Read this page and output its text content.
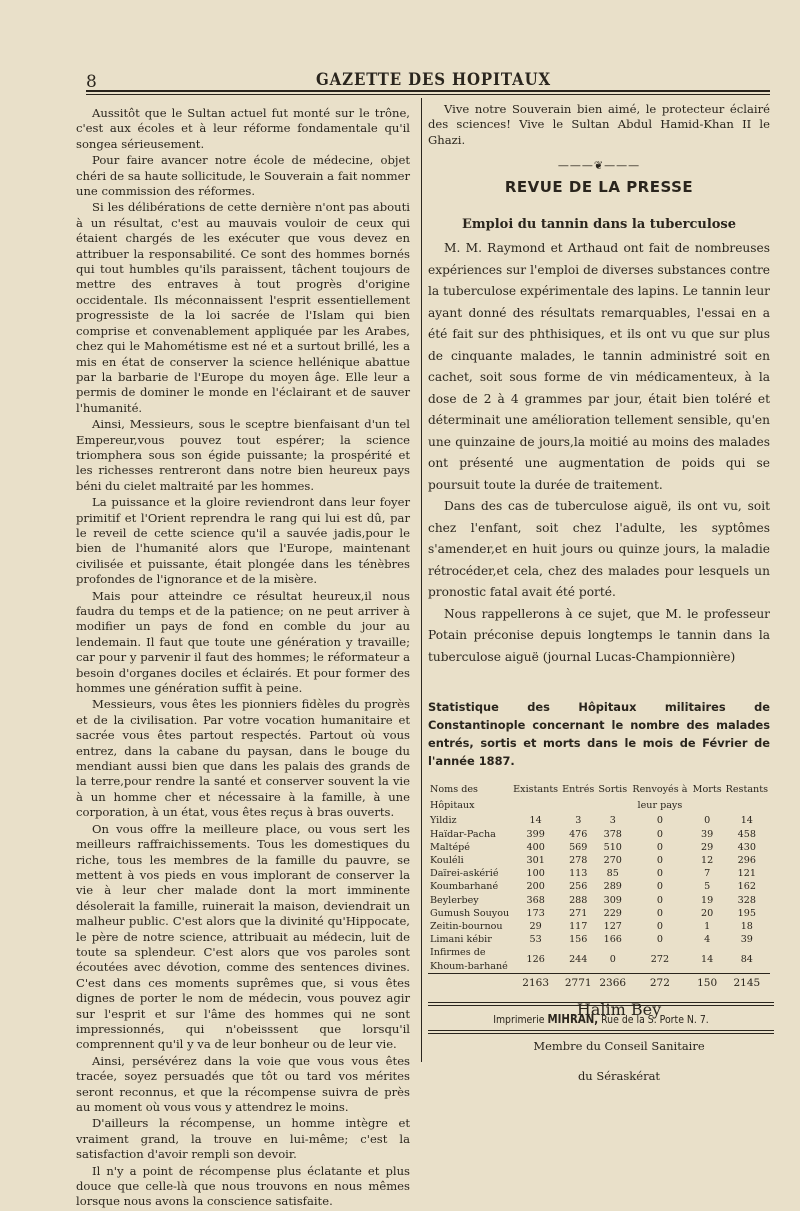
8	GAZETTE DES HOPITAUX

Aussitôt que le Sultan actuel fut monté sur le trône, c'est aux écoles et à leur réforme fondamentale qu'il songea sérieusement.

Pour faire avancer notre école de médecine, objet chéri de sa haute sollicitude, le Souverain a fait nommer une commission des réformes.

Si les délibérations de cette dernière n'ont pas abouti à un résultat, c'est au mauvais vouloir de ceux qui étaient chargés de les exécuter que vous devez en attribuer la responsabilité. Ce sont des hommes bornés qui tout humbles qu'ils paraissent, tâchent toujours de mettre des entraves à tout progrès d'origine occidentale. Ils méconnaissent l'esprit essentiellement progressiste de la loi sacrée de l'Islam qui bien comprise et convenablement appliquée par les Arabes, chez qui le Mahométisme est né et a surtout brillé, les a mis en état de conserver la science hellénique abattue par la barbarie de l'Europe du moyen âge. Elle leur a permis de dominer le monde en l'éclairant et de sauver l'humanité.

Ainsi, Messieurs, sous le sceptre bienfaisant d'un tel Empereur,vous pouvez tout espérer; la science triomphera sous son égide puissante; la prospérité et les richesses rentreront dans notre bien heureux pays béni du cielet maltraité par les hommes.

La puissance et la gloire reviendront dans leur foyer primitif et l'Orient reprendra le rang qui lui est dû, par le reveil de cette science qu'il a sauvée jadis,pour le bien de l'humanité alors que l'Europe, maintenant civilisée et puissante, était plongée dans les ténèbres profondes de l'ignorance et de la misère.

Mais pour atteindre ce résultat heureux,il nous faudra du temps et de la patience; on ne peut arriver à modifier un pays de fond en comble du jour au lendemain. Il faut que toute une génération y travaille; car pour y parvenir il faut des hommes; le réformateur a besoin d'organes dociles et éclairés. Et pour former des hommes une génération suffit à peine.

Messieurs, vous êtes les pionniers fidèles du progrès et de la civilisation. Par votre vocation humanitaire et sacrée vous êtes partout respectés. Partout où vous entrez, dans la cabane du paysan, dans le bouge du mendiant aussi bien que dans les palais des grands de la terre,pour rendre la santé et conserver souvent la vie à un homme cher et nécessaire à la famille, à une corporation, à un état, vous êtes reçus à bras ouverts.

On vous offre la meilleure place, ou vous sert les meilleurs raffraichissements. Tous les domestiques du riche, tous les membres de la famille du pauvre, se mettent à vos pieds en vous implorant de conserver la vie à leur cher malade dont la mort imminente désolerait la famille, ruinerait la maison, deviendrait un malheur public. C'est alors que la divinité qu'Hippocate, le père de notre science, attribuait au médecin, luit de toute sa splendeur. C'est alors que vos paroles sont écoutées avec dévotion, comme des sentences divines. C'est dans ces moments suprêmes que, si vous êtes dignes de porter le nom de médecin, vous pouvez agir sur l'esprit et sur l'âme des hommes qui ne sont impressionnés, qui n'obeisssent que lorsqu'il comprennent qu'il y va de leur bonheur ou de leur vie.

Ainsi, persévérez dans la voie que vous vous êtes tracée, soyez persuadés que tôt ou tard vos mérites seront reconnus, et que la récompense suivra de près au moment où vous vous y attendrez le moins.

D'ailleurs la récompense, un homme intègre et vraiment grand, la trouve en lui-même; c'est la satisfaction d'avoir rempli son devoir.

Il n'y a point de récompense plus éclatante et plus douce que celle-là que nous trouvons en nous mêmes lorsque nous avons la conscience satisfaite.

Vive notre Souverain bien aimé, le protecteur éclairé des sciences! Vive le Sultan Abdul Hamid-Khan II le Ghazi.

———❦———
REVUE DE LA PRESSE
Emploi du tannin dans la tuberculose

M. M. Raymond et Arthaud ont fait de nombreuses expériences sur l'emploi de diverses substances contre la tuberculose expérimentale des lapins. Le tannin leur ayant donné des résultats remarquables, l'essai en a été fait sur des phthisiques, et ils ont vu que sur plus de cinquante malades, le tannin administré soit en cachet, soit sous forme de vin médicamenteux, à la dose de 2 à 4 grammes par jour, était bien toléré et déterminait une amélioration tellement sensible, qu'en une quinzaine de jours,la moitié au moins des malades ont présenté une augmentation de poids qui se poursuit toute la durée de traitement.

Dans des cas de tuberculose aiguë, ils ont vu, soit chez l'enfant, soit chez l'adulte, les syptômes s'amender,et en huit jours ou quinze jours, la maladie rétrocéder,et cela, chez des malades pour lesquels un pronostic fatal avait été porté.

Nous rappellerons à ce sujet, que M. le professeur Potain préconise depuis longtemps le tannin dans la tuberculose aiguë (journal Lucas-Championnière)

Statistique des Hôpitaux militaires de Constantinople concernant le nombre des malades entrés, sortis et morts dans le mois de Février de l'année 1887.
Noms des Hôpitaux	Existants	Entrés	Sortis	Renvoyés à leur pays	Morts	Restants
Yildiz	14	3	3	0	0	14
Haïdar-Pacha	399	476	378	0	39	458
Maltépé	400	569	510	0	29	430
Kouléli	301	278	270	0	12	296
Daïrei-askérié	100	113	85	0	7	121
Koumbarhané	200	256	289	0	5	162
Beylerbey	368	288	309	0	19	328
Gumush Souyou	173	271	229	0	20	195
Zeitin-bournou	29	117	127	0	1	18
Limani kébir	53	156	166	0	4	39
Infirmes de Khoum-barhané	126	244	0	272	14	84
	2163	2771	2366	272	150	2145
Halim Bey
Membre du Conseil Sanitaire
du Séraskérat
Imprimerie MIHRAN, Rue de la S. Porte N. 7.
